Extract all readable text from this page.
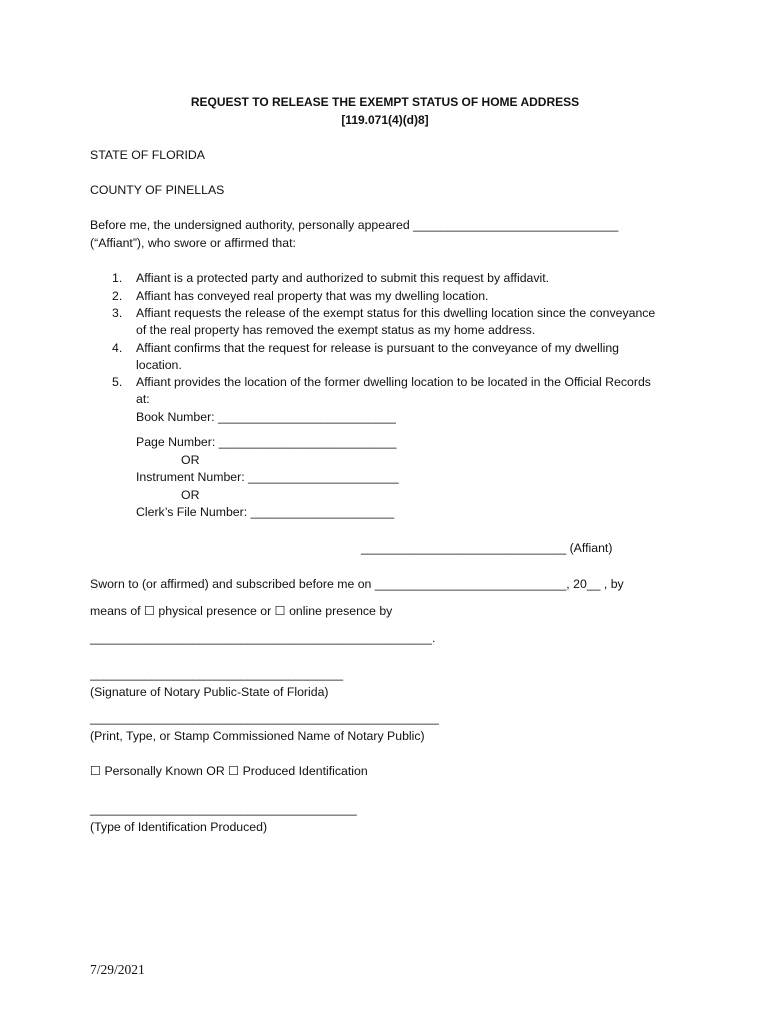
REQUEST TO RELEASE THE EXEMPT STATUS OF HOME ADDRESS
[119.071(4)(d)8]
STATE OF FLORIDA
COUNTY OF PINELLAS
Before me, the undersigned authority, personally appeared ______________________________
(“Affiant”), who swore or affirmed that:
1. Affiant is a protected party and authorized to submit this request by affidavit.
2. Affiant has conveyed real property that was my dwelling location.
3. Affiant requests the release of the exempt status for this dwelling location since the conveyance
of the real property has removed the exempt status as my home address.
4. Affiant confirms that the request for release is pursuant to the conveyance of my dwelling
location.
5. Affiant provides the location of the former dwelling location to be located in the Official Records
at:
Book Number: __________________________
Page Number: __________________________
OR
Instrument Number: ______________________
OR
Clerk’s File Number: _____________________
______________________________ (Affiant)
Sworn to (or affirmed) and subscribed before me on ____________________________, 20__ , by
means of ☐ physical presence or ☐ online presence by
__________________________________________________.
_____________________________________
(Signature of Notary Public-State of Florida)
___________________________________________________
(Print, Type, or Stamp Commissioned Name of Notary Public)
☐ Personally Known OR ☐ Produced Identification
_______________________________________
(Type of Identification Produced)
7/29/2021
